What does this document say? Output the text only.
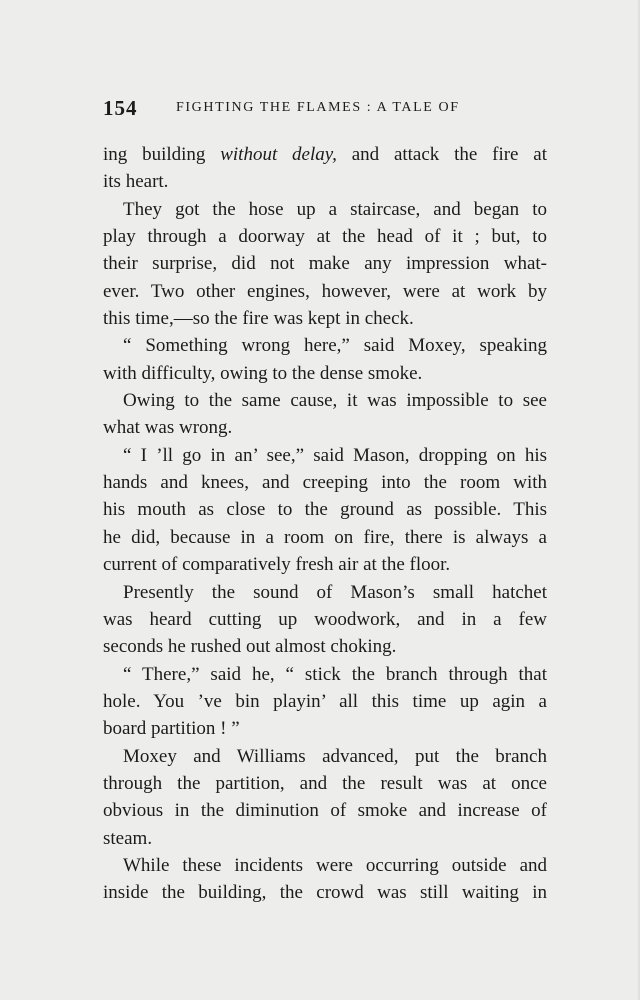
154	FIGHTING THE FLAMES : A TALE OF
ing building without delay, and attack the fire at
its heart.
They got the hose up a staircase, and began to
play through a doorway at the head of it ; but, to
their surprise, did not make any impression what-
ever. Two other engines, however, were at work by
this time,—so the fire was kept in check.
“ Something wrong here,” said Moxey, speaking
with difficulty, owing to the dense smoke.
Owing to the same cause, it was impossible to see
what was wrong.
“ I ’ll go in an’ see,” said Mason, dropping on his
hands and knees, and creeping into the room with
his mouth as close to the ground as possible. This
he did, because in a room on fire, there is always a
current of comparatively fresh air at the floor.
Presently the sound of Mason’s small hatchet
was heard cutting up woodwork, and in a few
seconds he rushed out almost choking.
“ There,” said he, “ stick the branch through that
hole. You ’ve bin playin’ all this time up agin a
board partition ! ”
Moxey and Williams advanced, put the branch
through the partition, and the result was at once
obvious in the diminution of smoke and increase of
steam.
While these incidents were occurring outside and
inside the building, the crowd was still waiting in
